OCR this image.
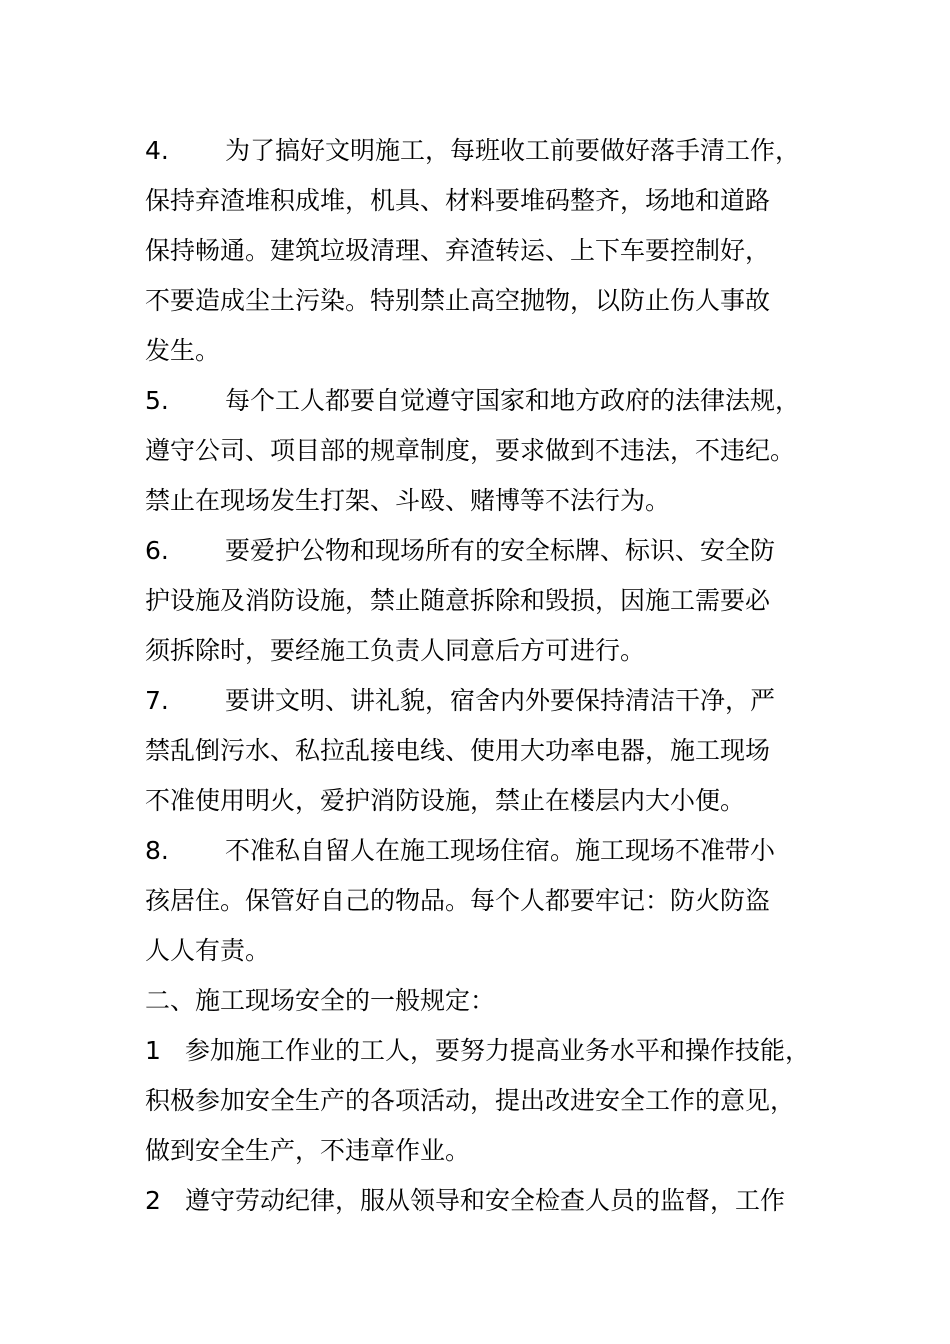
4. 为了搞好文明施工，每班收工前要做好落手清工作，
保持弃渣堆积成堆，机具、材料要堆码整齐，场地和道路
保持畅通。建筑垃圾清理、弃渣转运、上下车要控制好，
不要造成尘土污染。特别禁止高空抛物，以防止伤人事故
发生。
5. 每个工人都要自觉遵守国家和地方政府的法律法规，
遵守公司、项目部的规章制度，要求做到不违法，不违纪。
禁止在现场发生打架、斗殴、赌博等不法行为。
6. 要爱护公物和现场所有的安全标牌、标识、安全防
护设施及消防设施，禁止随意拆除和毁损，因施工需要必
须拆除时，要经施工负责人同意后方可进行。
7. 要讲文明、讲礼貌，宿舍内外要保持清洁干净，严
禁乱倒污水、私拉乱接电线、使用大功率电器，施工现场
不准使用明火，爱护消防设施，禁止在楼层内大小便。
8. 不准私自留人在施工现场住宿。施工现场不准带小
孩居住。保管好自己的物品。每个人都要牢记：防火防盗
人人有责。
二、施工现场安全的一般规定：
1 参加施工作业的工人，要努力提高业务水平和操作技能，
积极参加安全生产的各项活动，提出改进安全工作的意见，
做到安全生产，不违章作业。
2 遵守劳动纪律，服从领导和安全检查人员的监督，工作
